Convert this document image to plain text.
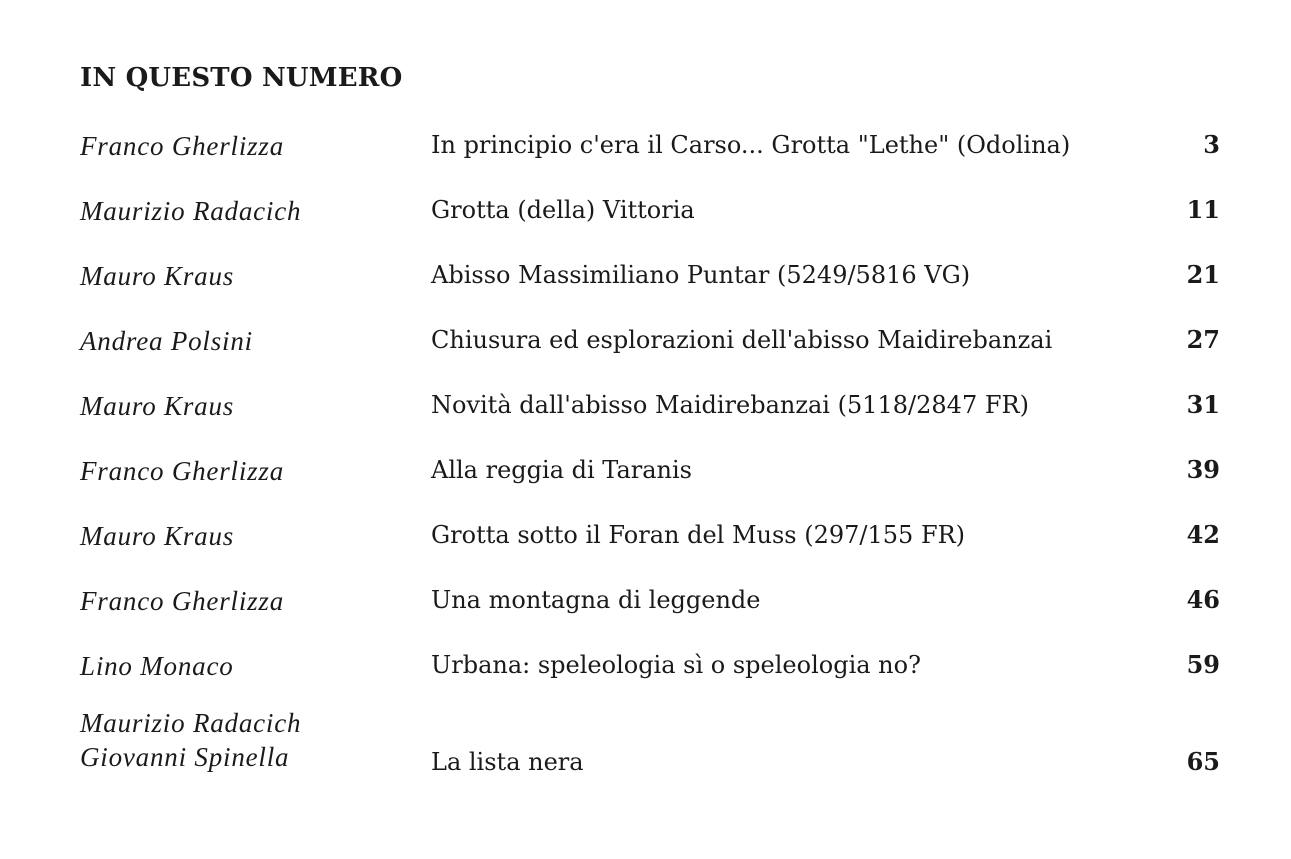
IN QUESTO NUMERO
Franco Gherlizza	In principio c'era il Carso... Grotta "Lethe" (Odolina)	3
Maurizio Radacich	Grotta (della) Vittoria	11
Mauro Kraus	Abisso Massimiliano Puntar (5249/5816 VG)	21
Andrea Polsini	Chiusura ed esplorazioni dell'abisso Maidirebanzai	27
Mauro Kraus	Novità dall'abisso Maidirebanzai (5118/2847 FR)	31
Franco Gherlizza	Alla reggia di Taranis	39
Mauro Kraus	Grotta sotto il Foran del Muss (297/155 FR)	42
Franco Gherlizza	Una montagna di leggende	46
Lino Monaco	Urbana: speleologia sì o speleologia no?	59
Maurizio Radacich
Giovanni Spinella	La lista nera	65
